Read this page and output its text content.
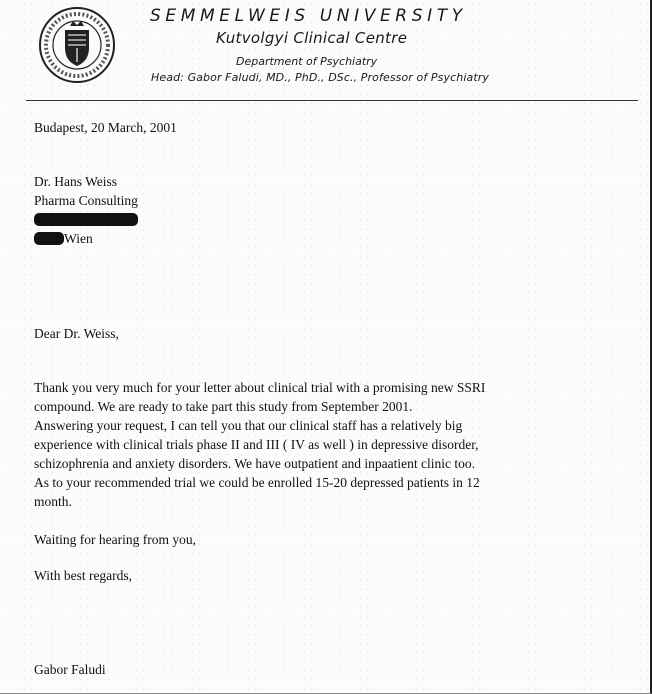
SEMMELWEIS UNIVERSITY
Kutvolgyi Clinical Centre
Department of Psychiatry
Head: Gabor Faludi, MD., PhD., DSc., Professor of Psychiatry
Budapest, 20 March, 2001
Dr. Hans Weiss
Pharma Consulting
Wien
Dear Dr. Weiss,
Thank you very much for your letter about clinical trial with a promising new SSRI
compound. We are ready to take part this study from September 2001.
Answering your request, I can tell you that our clinical staff has a relatively big
experience with clinical trials phase II and III ( IV as well ) in depressive disorder,
schizophrenia and anxiety disorders. We have outpatient and inpaatient clinic too.
As to your recommended trial we could be enrolled 15-20 depressed patients in 12
month.
Waiting for hearing from you,
With best regards,
Gabor Faludi
